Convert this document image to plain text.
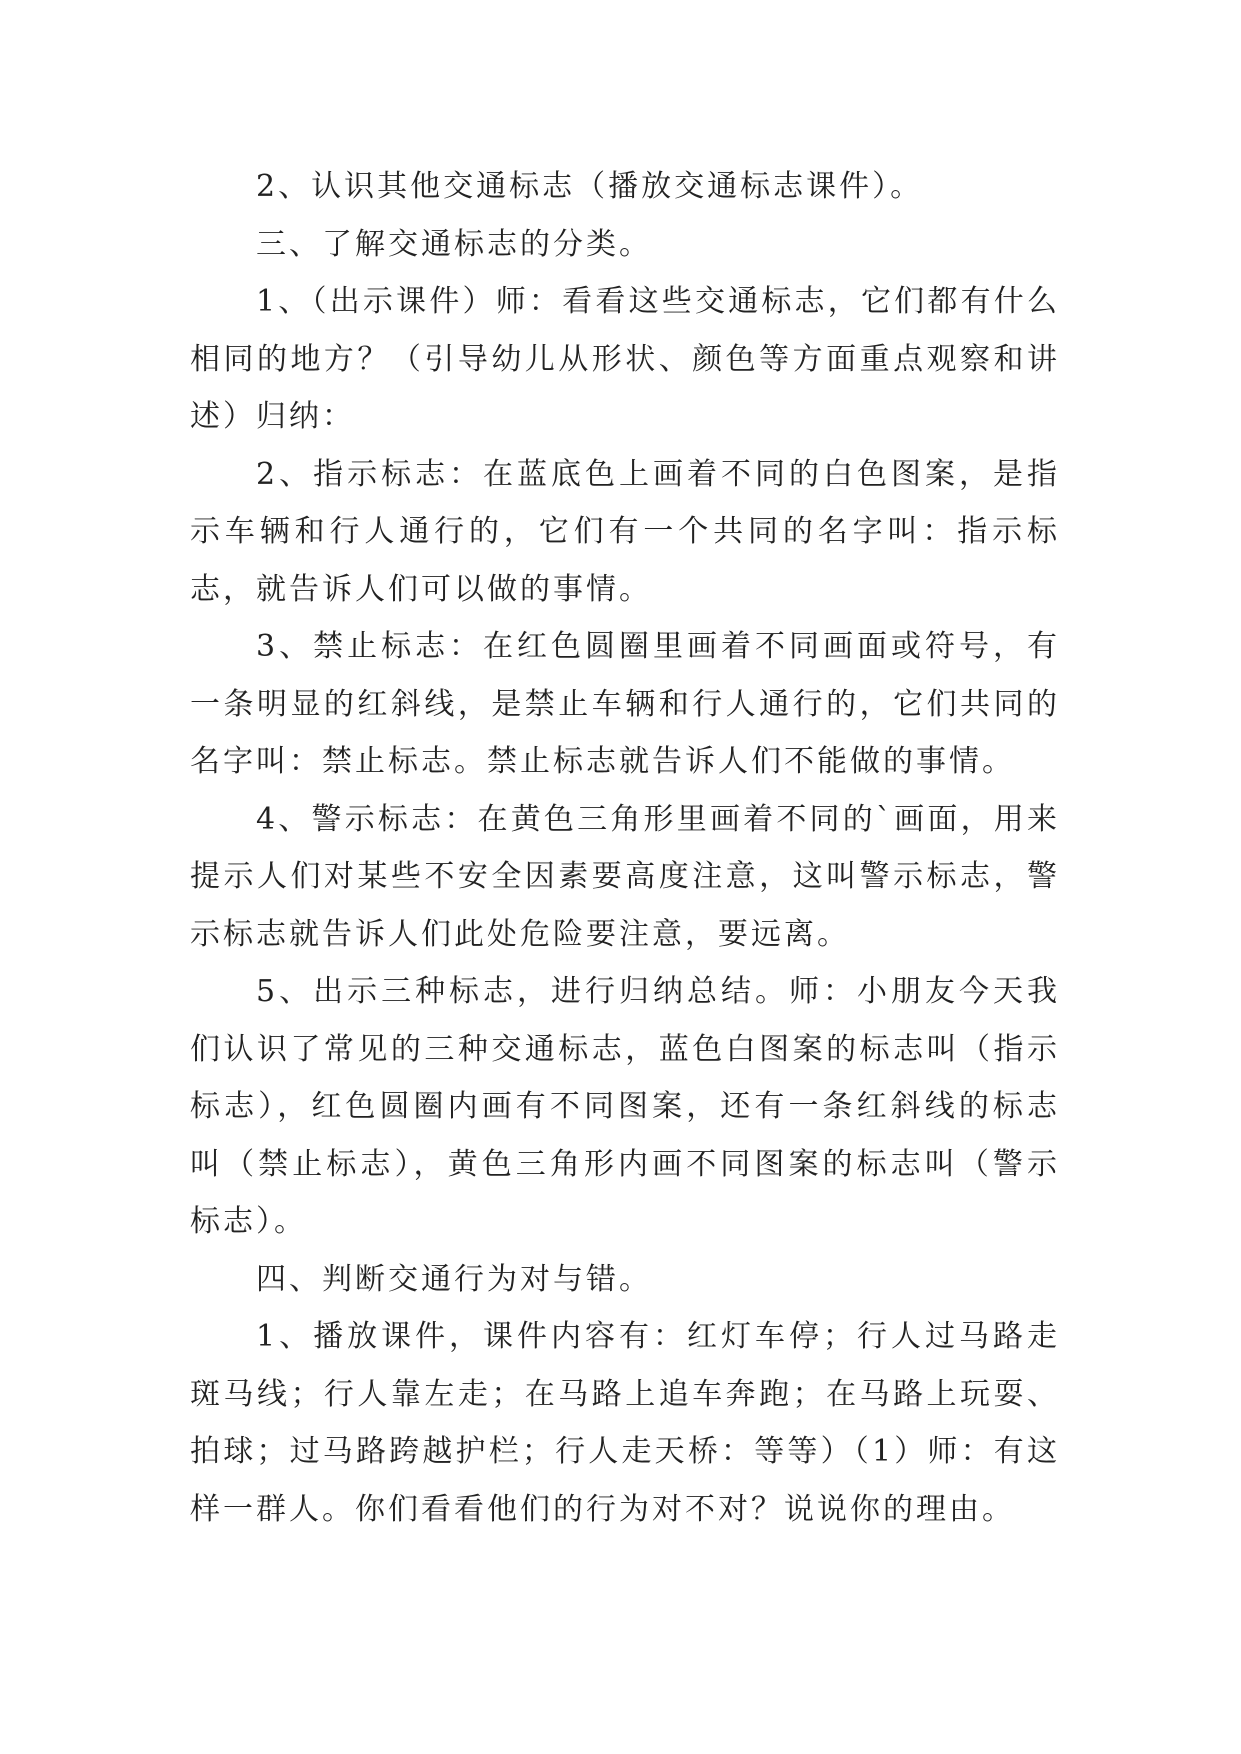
2、认识其他交通标志（播放交通标志课件）。

三、了解交通标志的分类。

1、（出示课件）师：看看这些交通标志，它们都有什么相同的地方？（引导幼儿从形状、颜色等方面重点观察和讲述）归纳：

2、指示标志：在蓝底色上画着不同的白色图案，是指示车辆和行人通行的，它们有一个共同的名字叫：指示标志，就告诉人们可以做的事情。

3、禁止标志：在红色圆圈里画着不同画面或符号，有一条明显的红斜线，是禁止车辆和行人通行的，它们共同的名字叫：禁止标志。禁止标志就告诉人们不能做的事情。

4、警示标志：在黄色三角形里画着不同的`画面，用来提示人们对某些不安全因素要高度注意，这叫警示标志，警示标志就告诉人们此处危险要注意，要远离。

5、出示三种标志，进行归纳总结。师：小朋友今天我们认识了常见的三种交通标志，蓝色白图案的标志叫（指示标志），红色圆圈内画有不同图案，还有一条红斜线的标志叫（禁止标志），黄色三角形内画不同图案的标志叫（警示标志）。

四、判断交通行为对与错。

1、播放课件，课件内容有：红灯车停；行人过马路走斑马线；行人靠左走；在马路上追车奔跑；在马路上玩耍、拍球；过马路跨越护栏；行人走天桥：等等）（1）师：有这样一群人。你们看看他们的行为对不对？说说你的理由。
